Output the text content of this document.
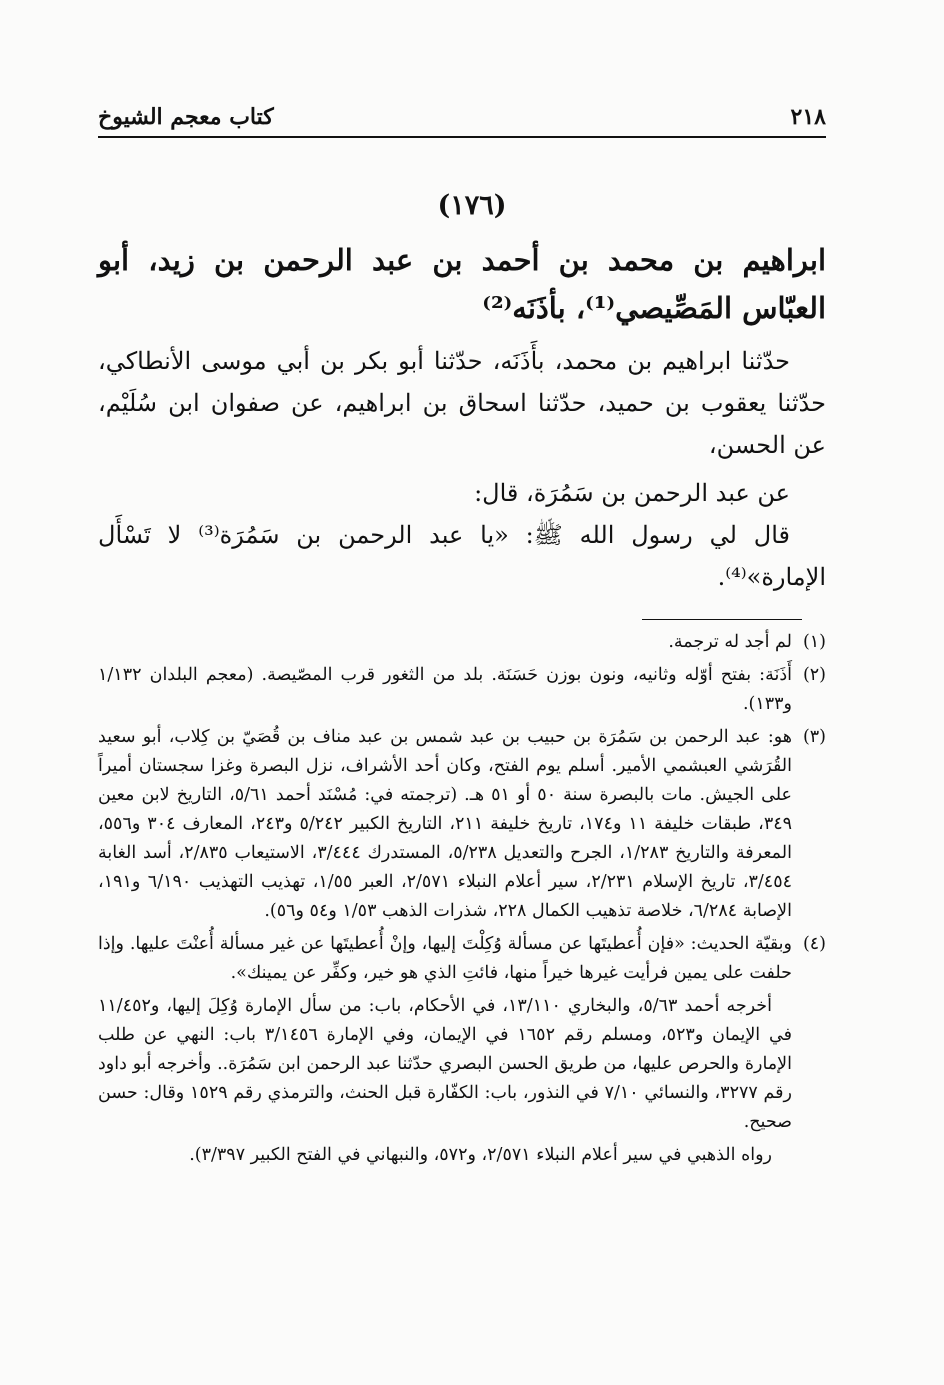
٢١٨
كتاب معجم الشيوخ
(١٧٦)
ابراهيم بن محمد بن أحمد بن عبد الرحمن بن زيد، أبو العبّاس المَصِّيصي⁽¹⁾، بأذَنَه⁽²⁾

حدّثنا ابراهيم بن محمد، بأَذَنَه، حدّثنا أبو بكر بن أبي موسى الأنطاكي، حدّثنا يعقوب بن حميد، حدّثنا اسحاق بن ابراهيم، عن صفوان ابن سُلَيْم، عن الحسن،

عن عبد الرحمن بن سَمُرَة، قال:

قال لي رسول الله ﷺ: «يا عبد الرحمن بن سَمُرَة⁽³⁾ لا تَسْأَل الإمارة»⁽⁴⁾.

(١)
لم أجد له ترجمة.
(٢)
أَذَنَة: بفتح أوّله وثانيه، ونون بوزن حَسَنَة. بلد من الثغور قرب المصّيصة. (معجم البلدان ١/١٣٢ و١٣٣).
(٣)
هو: عبد الرحمن بن سَمُرَة بن حبيب بن عبد شمس بن عبد مناف بن قُصَيّ بن كِلاب، أبو سعيد القُرَشي العبشمي الأمير. أسلم يوم الفتح، وكان أحد الأشراف، نزل البصرة وغزا سجستان أميراً على الجيش. مات بالبصرة سنة ٥٠ أو ٥١ هـ. (ترجمته في: مُسْنَد أحمد ٥/٦١، التاريخ لابن معين ٣٤٩، طبقات خليفة ١١ و١٧٤، تاريخ خليفة ٢١١، التاريخ الكبير ٥/٢٤٢ و٢٤٣، المعارف ٣٠٤ و٥٥٦، المعرفة والتاريخ ١/٢٨٣، الجرح والتعديل ٥/٢٣٨، المستدرك ٣/٤٤٤، الاستيعاب ٢/٨٣٥، أسد الغابة ٣/٤٥٤، تاريخ الإسلام ٢/٢٣١، سير أعلام النبلاء ٢/٥٧١، العبر ١/٥٥، تهذيب التهذيب ٦/١٩٠ و١٩١، الإصابة ٦/٢٨٤، خلاصة تذهيب الكمال ٢٢٨، شذرات الذهب ١/٥٣ و٥٤ و٥٦).
(٤)
وبقيّة الحديث: «فإن أُعطيتَها عن مسألة وُكِلْتَ إليها، وإنْ أُعطيتَها عن غير مسألة أُعنْتَ عليها. وإذا حلفت على يمين فرأيت غيرها خيراً منها، فائتِ الذي هو خير، وكفِّر عن يمينك».
أخرجه أحمد ٥/٦٣، والبخاري ١٣/١١٠، في الأحكام، باب: من سأل الإمارة وُكِلَ إليها، و١١/٤٥٢ في الإيمان و٥٢٣، ومسلم رقم ١٦٥٢ في الإيمان، وفي الإمارة ٣/١٤٥٦ باب: النهي عن طلب الإمارة والحرص عليها، من طريق الحسن البصري حدّثنا عبد الرحمن ابن سَمُرَة.. وأخرجه أبو داود رقم ٣٢٧٧، والنسائي ٧/١٠ في النذور، باب: الكفّارة قبل الحنث، والترمذي رقم ١٥٢٩ وقال: حسن صحيح.
رواه الذهبي في سير أعلام النبلاء ٢/٥٧١، و٥٧٢، والنبهاني في الفتح الكبير ٣/٣٩٧).
